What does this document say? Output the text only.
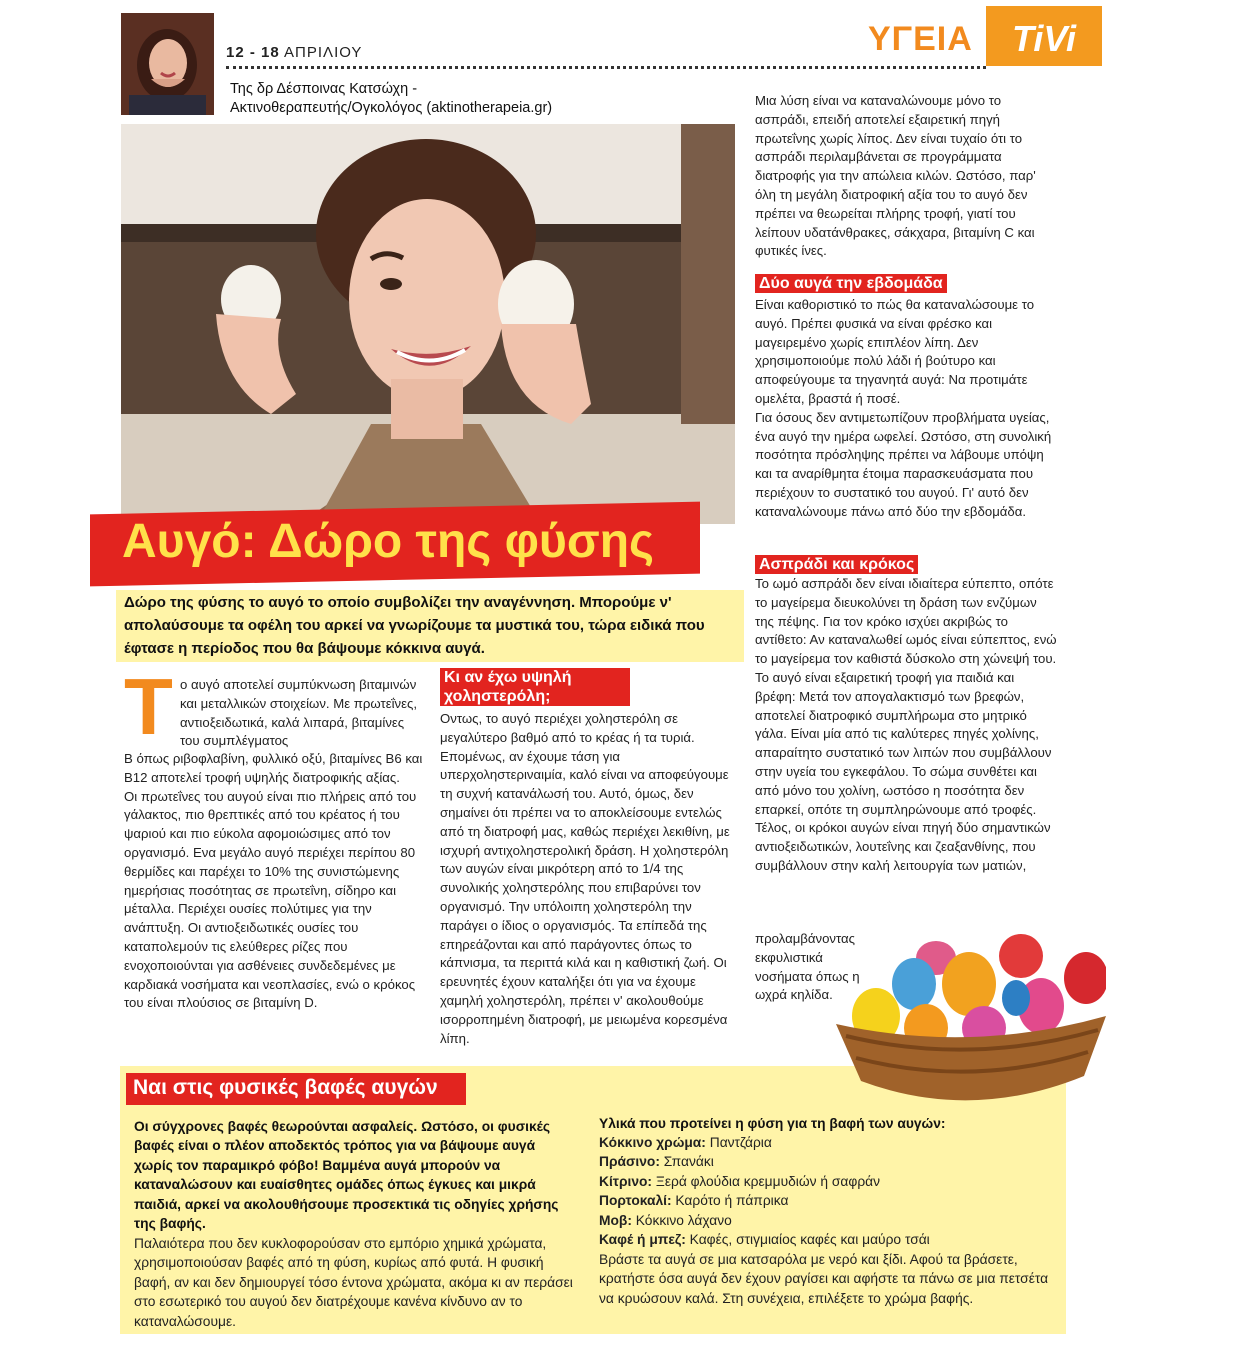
12 - 18 ΑΠΡΙΛΙΟΥ
Της δρ Δέσποινας Κατσώχη -
Ακτινοθεραπευτής/Ογκολόγος (aktinotherapeia.gr)
ΥΓΕΙΑ	TiVi
Αυγό: Δώρο της φύσης
Δώρο της φύσης το αυγό το οποίο συμβολίζει την αναγέννηση. Μπορούμε ν' απολαύσουμε τα οφέλη του αρκεί να γνωρίζουμε τα μυστικά του, τώρα ειδικά που έφτασε η περίοδος που θα βάψουμε κόκκινα αυγά.
Τ ο αυγό αποτελεί συμπύκνωση βιταμινών και μεταλλικών στοιχείων. Με πρωτεΐνες, αντιοξειδωτικά, καλά λιπαρά, βιταμίνες του συμπλέγματος
Β όπως ριβοφλαβίνη, φυλλικό οξύ, βιταμίνες Β6 και Β12 αποτελεί τροφή υψηλής διατροφικής αξίας.
Οι πρωτεΐνες του αυγού είναι πιο πλήρεις από του γάλακτος, πιο θρεπτικές από του κρέατος ή του ψαριού και πιο εύκολα αφομοιώσιμες από τον οργανισμό. Ενα μεγάλο αυγό περιέχει περίπου 80 θερμίδες και παρέχει το 10% της συνιστώμενης ημερήσιας ποσότητας σε πρωτεΐνη, σίδηρο και μέταλλα. Περιέχει ουσίες πολύτιμες για την ανάπτυξη. Οι αντιοξειδωτικές ουσίες του καταπολεμούν τις ελεύθερες ρίζες που ενοχοποιούνται για ασθένειες συνδεδεμένες με καρδιακά νοσήματα και νεοπλασίες, ενώ ο κρόκος του είναι πλούσιος σε βιταμίνη D.
Κι αν έχω υψηλή χοληστερόλη;
Οντως, το αυγό περιέχει χοληστερόλη σε μεγαλύτερο βαθμό από το κρέας ή τα τυριά. Επομένως, αν έχουμε τάση για υπερχοληστεριναιμία, καλό είναι να αποφεύγουμε τη συχνή κατανάλωσή του. Αυτό, όμως, δεν σημαίνει ότι πρέπει να το αποκλείσουμε εντελώς από τη διατροφή μας, καθώς περιέχει λεκιθίνη, με ισχυρή αντιχοληστερολική δράση. Η χοληστερόλη των αυγών είναι μικρότερη από το 1/4 της συνολικής χοληστερόλης που επιβαρύνει τον οργανισμό. Την υπόλοιπη χοληστερόλη την παράγει ο ίδιος ο οργανισμός. Τα επίπεδά της επηρεάζονται και από παράγοντες όπως το κάπνισμα, τα περιττά κιλά και η καθιστική ζωή. Οι ερευνητές έχουν καταλήξει ότι για να έχουμε χαμηλή χοληστερόλη, πρέπει ν' ακολουθούμε ισορροπημένη διατροφή, με μειωμένα κορεσμένα λίπη.
Μια λύση είναι να καταναλώνουμε μόνο το ασπράδι, επειδή αποτελεί εξαιρετική πηγή πρωτεΐνης χωρίς λίπος. Δεν είναι τυχαίο ότι το ασπράδι περιλαμβάνεται σε προγράμματα διατροφής για την απώλεια κιλών. Ωστόσο, παρ' όλη τη μεγάλη διατροφική αξία του το αυγό δεν πρέπει να θεωρείται πλήρης τροφή, γιατί του λείπουν υδατάνθρακες, σάκχαρα, βιταμίνη C και φυτικές ίνες.
Δύο αυγά την εβδομάδα
Είναι καθοριστικό το πώς θα καταναλώσουμε το αυγό. Πρέπει φυσικά να είναι φρέσκο και μαγειρεμένο χωρίς επιπλέον λίπη. Δεν χρησιμοποιούμε πολύ λάδι ή βούτυρο και αποφεύγουμε τα τηγανητά αυγά: Να προτιμάτε ομελέτα, βραστά ή ποσέ.
Για όσους δεν αντιμετωπίζουν προβλήματα υγείας, ένα αυγό την ημέρα ωφελεί. Ωστόσο, στη συνολική ποσότητα πρόσληψης πρέπει να λάβουμε υπόψη και τα αναρίθμητα έτοιμα παρασκευάσματα που περιέχουν το συστατικό του αυγού. Γι' αυτό δεν καταναλώνουμε πάνω από δύο την εβδομάδα.
Ασπράδι και κρόκος
Το ωμό ασπράδι δεν είναι ιδιαίτερα εύπεπτο, οπότε το μαγείρεμα διευκολύνει τη δράση των ενζύμων της πέψης. Για τον κρόκο ισχύει ακριβώς το αντίθετο: Αν καταναλωθεί ωμός είναι εύπεπτος, ενώ το μαγείρεμα τον καθιστά δύσκολο στη χώνεψή του.
Το αυγό είναι εξαιρετική τροφή για παιδιά και βρέφη: Μετά τον απογαλακτισμό των βρεφών, αποτελεί διατροφικό συμπλήρωμα στο μητρικό γάλα. Είναι μία από τις καλύτερες πηγές χολίνης, απαραίτητο συστατικό των λιπών που συμβάλλουν στην υγεία του εγκεφάλου. Το σώμα συνθέτει και από μόνο του χολίνη, ωστόσο η ποσότητα δεν επαρκεί, οπότε τη συμπληρώνουμε από τροφές.
Τέλος, οι κρόκοι αυγών είναι πηγή δύο σημαντικών αντιοξειδωτικών, λουτεΐνης και ζεαξανθίνης, που συμβάλλουν στην καλή λειτουργία των ματιών,
προλαμβάνοντας εκφυλιστικά νοσήματα όπως η ωχρά κηλίδα.
Ναι στις φυσικές βαφές αυγών
Οι σύγχρονες βαφές θεωρούνται ασφαλείς. Ωστόσο, οι φυσικές βαφές είναι ο πλέον αποδεκτός τρόπος για να βάψουμε αυγά χωρίς τον παραμικρό φόβο! Βαμμένα αυγά μπορούν να καταναλώσουν και ευαίσθητες ομάδες όπως έγκυες και μικρά παιδιά, αρκεί να ακολουθήσουμε προσεκτικά τις οδηγίες χρήσης της βαφής.
Παλαιότερα που δεν κυκλοφορούσαν στο εμπόριο χημικά χρώματα, χρησιμοποιούσαν βαφές από τη φύση, κυρίως από φυτά. Η φυσική βαφή, αν και δεν δημιουργεί τόσο έντονα χρώματα, ακόμα κι αν περάσει στο εσωτερικό του αυγού δεν διατρέχουμε κανένα κίνδυνο αν το καταναλώσουμε.
Υλικά που προτείνει η φύση για τη βαφή των αυγών:
Κόκκινο χρώμα: Παντζάρια
Πράσινο: Σπανάκι
Κίτρινο: Ξερά φλούδια κρεμμυδιών ή σαφράν
Πορτοκαλί: Καρότο ή πάπρικα
Μοβ: Κόκκινο λάχανο
Καφέ ή μπεζ: Καφές, στιγμιαίος καφές και μαύρο τσάι
Βράστε τα αυγά σε μια κατσαρόλα με νερό και ξίδι. Αφού τα βράσετε, κρατήστε όσα αυγά δεν έχουν ραγίσει και αφήστε τα πάνω σε μια πετσέτα να κρυώσουν καλά. Στη συνέχεια, επιλέξετε το χρώμα βαφής.
